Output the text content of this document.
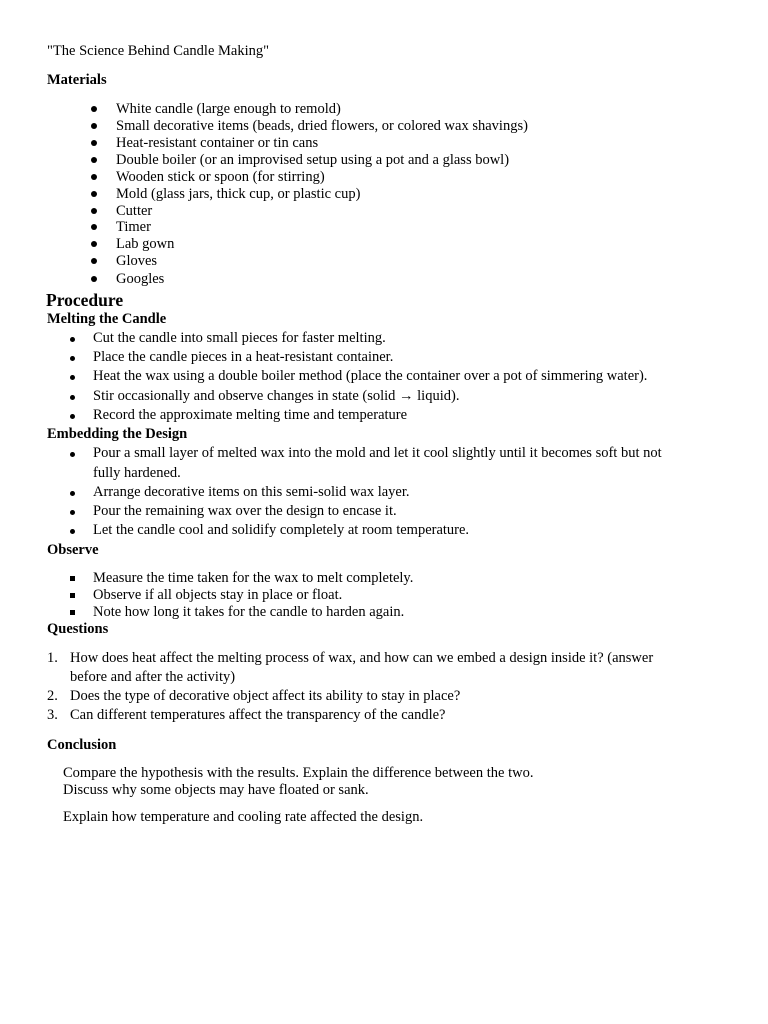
"The Science Behind Candle Making"
Materials
White candle (large enough to remold)
Small decorative items (beads, dried flowers, or colored wax shavings)
Heat-resistant container or tin cans
Double boiler (or an improvised setup using a pot and a glass bowl)
Wooden stick or spoon (for stirring)
Mold (glass jars, thick cup, or plastic cup)
Cutter
Timer
Lab gown
Gloves
Googles
Procedure
Melting the Candle
Cut the candle into small pieces for faster melting.
Place the candle pieces in a heat-resistant container.
Heat the wax using a double boiler method (place the container over a pot of simmering water).
Stir occasionally and observe changes in state (solid → liquid).
Record the approximate melting time and temperature
Embedding the Design
Pour a small layer of melted wax into the mold and let it cool slightly until it becomes soft but not
fully hardened.
Arrange decorative items on this semi-solid wax layer.
Pour the remaining wax over the design to encase it.
Let the candle cool and solidify completely at room temperature.
Observe
Measure the time taken for the wax to melt completely.
Observe if all objects stay in place or float.
Note how long it takes for the candle to harden again.
Questions
1. How does heat affect the melting process of wax, and how can we embed a design inside it? (answer
before and after the activity)
2. Does the type of decorative object affect its ability to stay in place?
3. Can different temperatures affect the transparency of the candle?
Conclusion
Compare the hypothesis with the results. Explain the difference between the two.
Discuss why some objects may have floated or sank.
Explain how temperature and cooling rate affected the design.
